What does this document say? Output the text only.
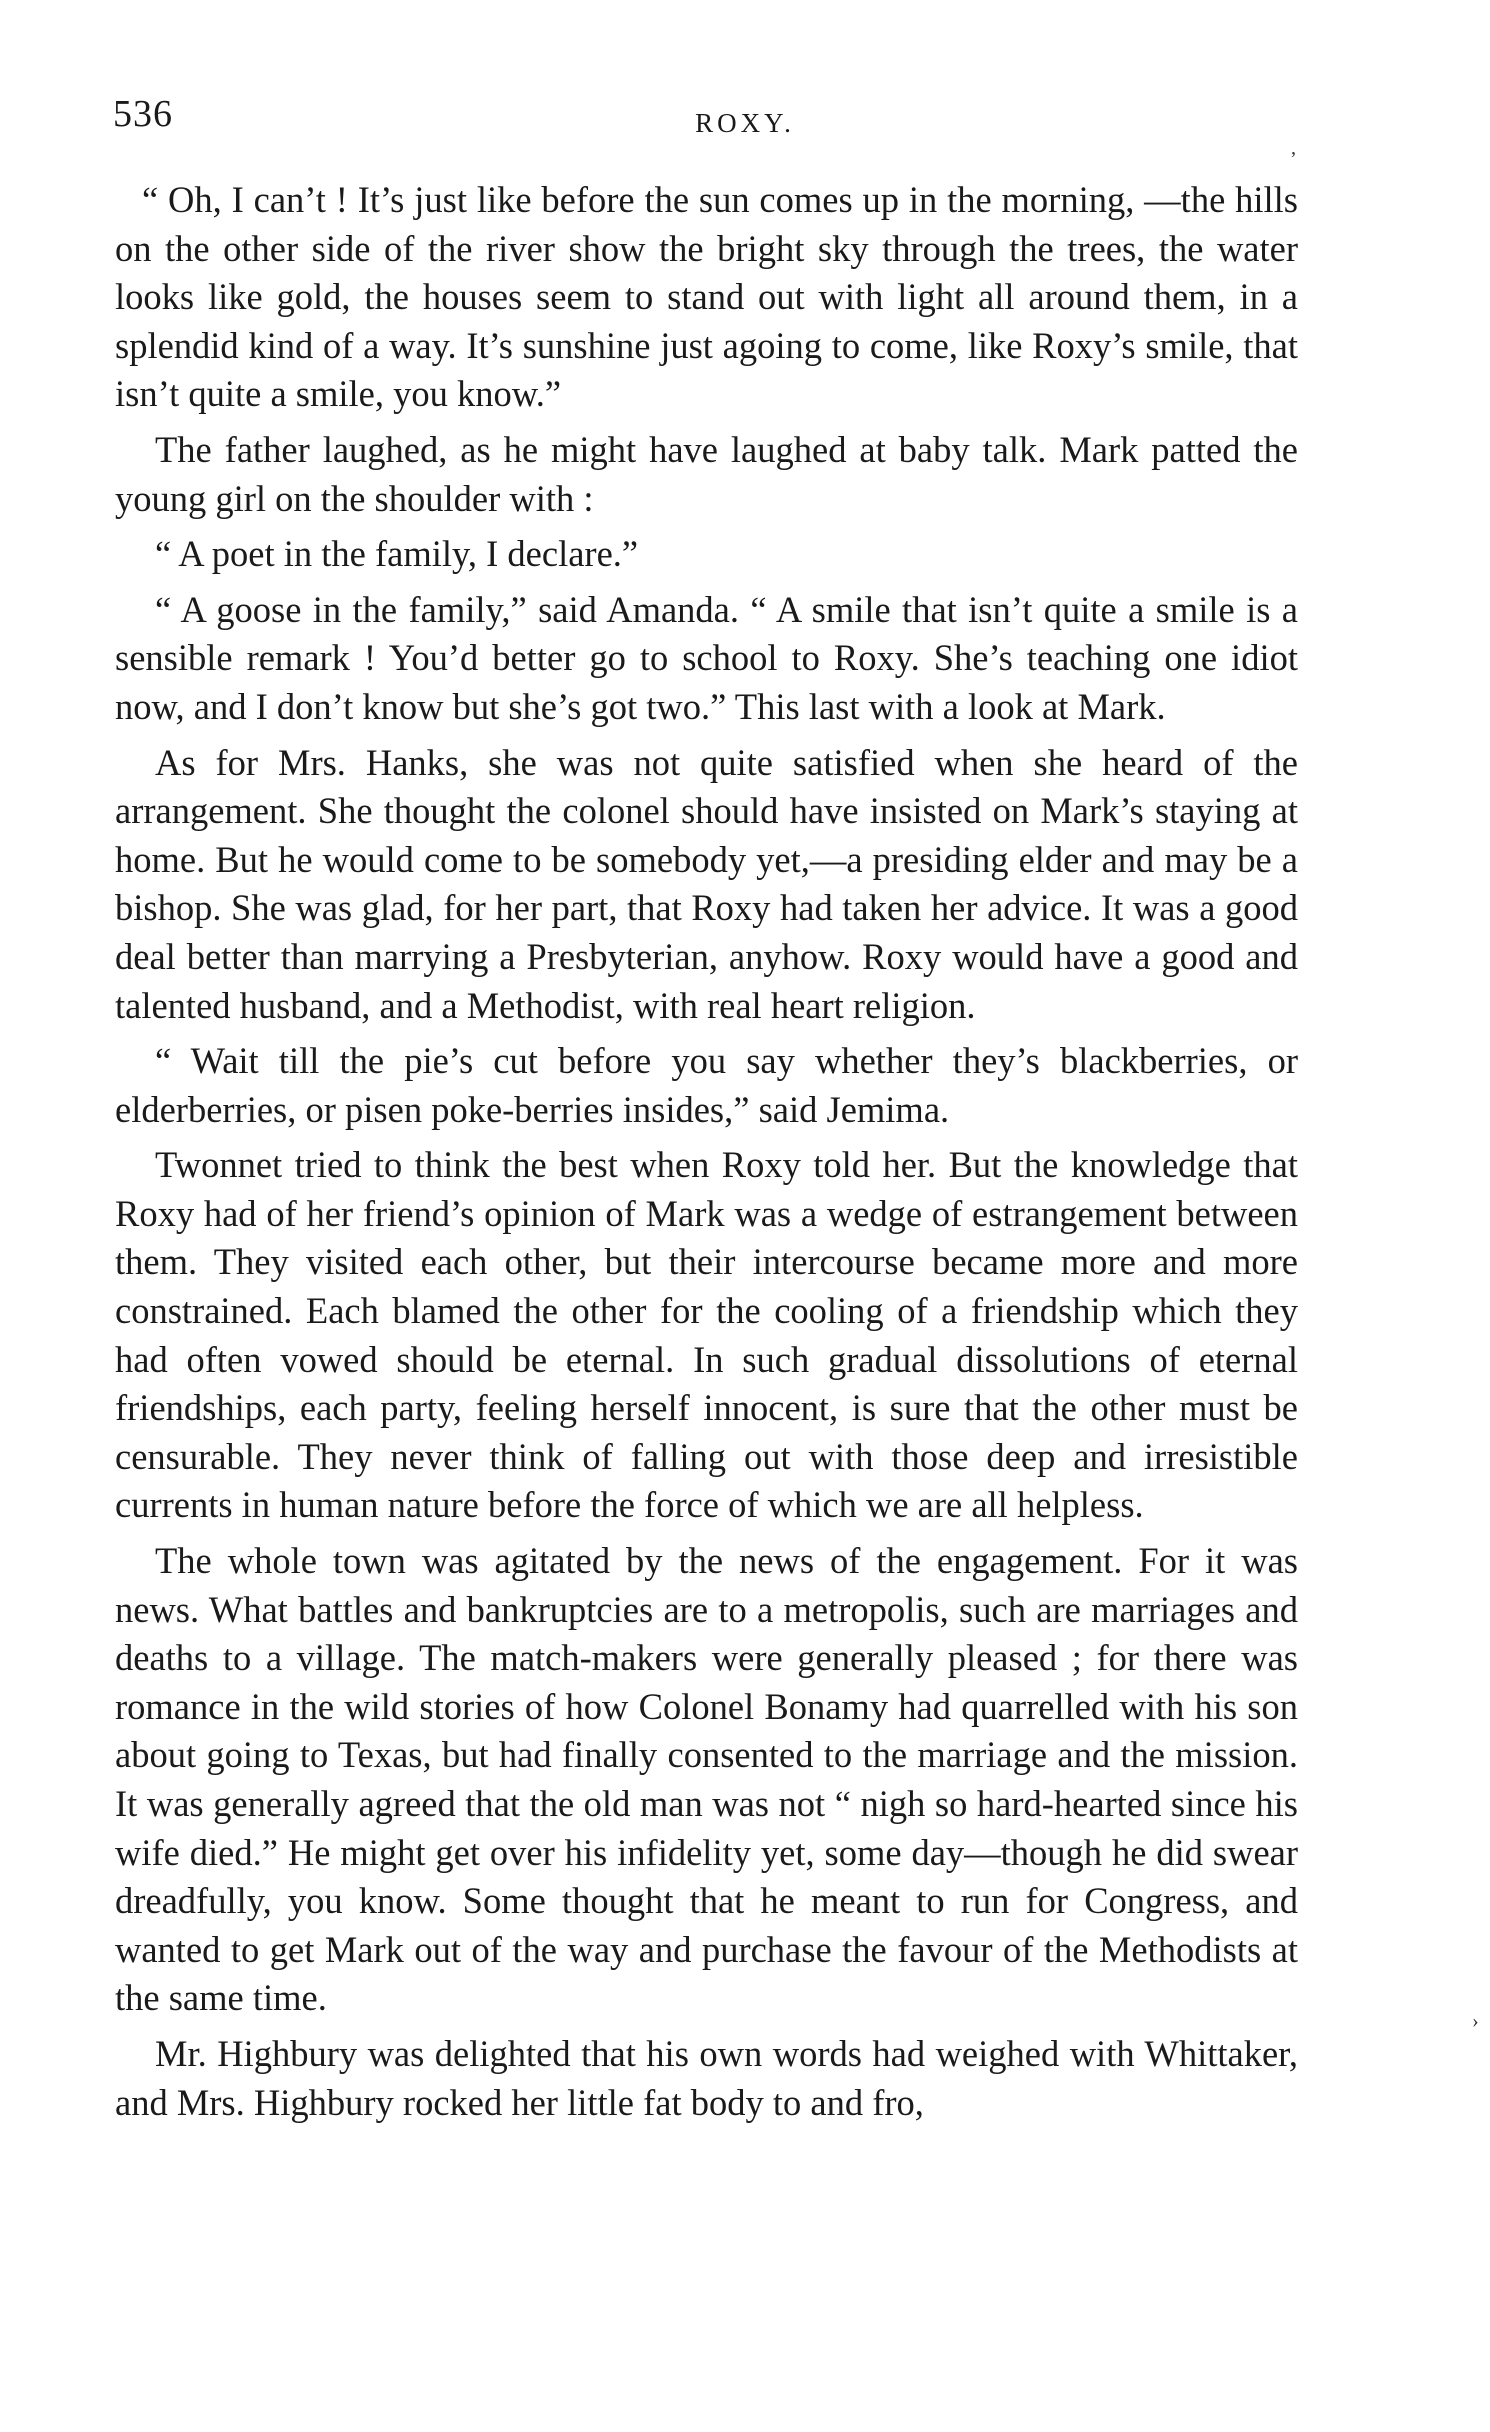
536	ROXY.
’
›

“ Oh, I can’t ! It’s just like before the sun comes up in the morning, —the hills on the other side of the river show the bright sky through the trees, the water looks like gold, the houses seem to stand out with light all around them, in a splendid kind of a way. It’s sunshine just agoing to come, like Roxy’s smile, that isn’t quite a smile, you know.”

The father laughed, as he might have laughed at baby talk. Mark patted the young girl on the shoulder with :

“ A poet in the family, I declare.”

“ A goose in the family,” said Amanda. “ A smile that isn’t quite a smile is a sensible remark ! You’d better go to school to Roxy. She’s teaching one idiot now, and I don’t know but she’s got two.” This last with a look at Mark.

As for Mrs. Hanks, she was not quite satisfied when she heard of the arrangement. She thought the colonel should have insisted on Mark’s staying at home. But he would come to be somebody yet,—a presiding elder and may be a bishop. She was glad, for her part, that Roxy had taken her advice. It was a good deal better than marrying a Presbyterian, anyhow. Roxy would have a good and talented husband, and a Methodist, with real heart religion.

“ Wait till the pie’s cut before you say whether they’s blackberries, or elderberries, or pisen poke-berries insides,” said Jemima.

Twonnet tried to think the best when Roxy told her. But the knowledge that Roxy had of her friend’s opinion of Mark was a wedge of estrangement between them. They visited each other, but their intercourse became more and more constrained. Each blamed the other for the cooling of a friendship which they had often vowed should be eternal. In such gradual dissolutions of eternal friendships, each party, feeling herself innocent, is sure that the other must be censurable. They never think of falling out with those deep and irresistible currents in human nature before the force of which we are all helpless.

The whole town was agitated by the news of the engagement. For it was news. What battles and bankruptcies are to a metropolis, such are marriages and deaths to a village. The match-makers were generally pleased ; for there was romance in the wild stories of how Colonel Bonamy had quarrelled with his son about going to Texas, but had finally consented to the marriage and the mission. It was generally agreed that the old man was not “ nigh so hard-hearted since his wife died.” He might get over his infidelity yet, some day—though he did swear dreadfully, you know. Some thought that he meant to run for Congress, and wanted to get Mark out of the way and purchase the favour of the Methodists at the same time.

Mr. Highbury was delighted that his own words had weighed with Whittaker, and Mrs. Highbury rocked her little fat body to and fro,
